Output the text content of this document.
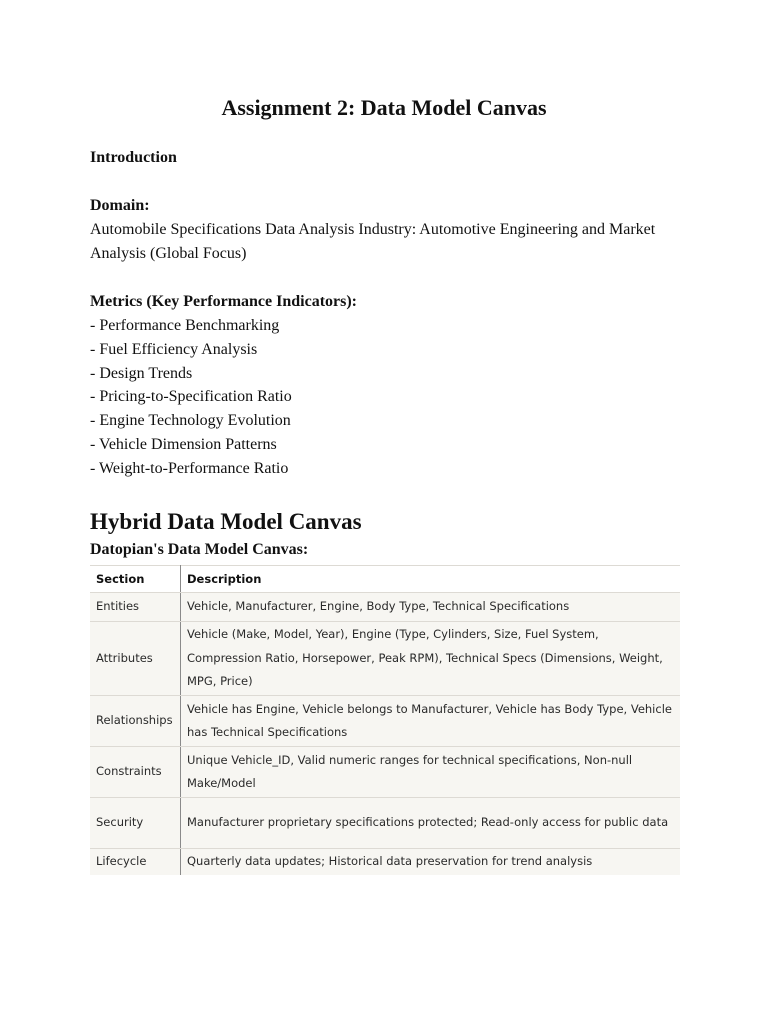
Assignment 2: Data Model Canvas

Introduction

Domain:

Automobile Specifications Data Analysis Industry: Automotive Engineering and Market Analysis (Global Focus)

Metrics (Key Performance Indicators):

- Performance Benchmarking
- Fuel Efficiency Analysis
- Design Trends
- Pricing-to-Specification Ratio
- Engine Technology Evolution
- Vehicle Dimension Patterns
- Weight-to-Performance Ratio
Hybrid Data Model Canvas

Datopian's Data Model Canvas:

Section	Description
Entities	Vehicle, Manufacturer, Engine, Body Type, Technical Specifications
Attributes	Vehicle (Make, Model, Year), Engine (Type, Cylinders, Size, Fuel System, Compression Ratio, Horsepower, Peak RPM), Technical Specs (Dimensions, Weight, MPG, Price)
Relationships	Vehicle has Engine, Vehicle belongs to Manufacturer, Vehicle has Body Type, Vehicle has Technical Specifications
Constraints	Unique Vehicle_ID, Valid numeric ranges for technical specifications, Non-null Make/Model
Security	Manufacturer proprietary specifications protected; Read-only access for public data
Lifecycle	Quarterly data updates; Historical data preservation for trend analysis
